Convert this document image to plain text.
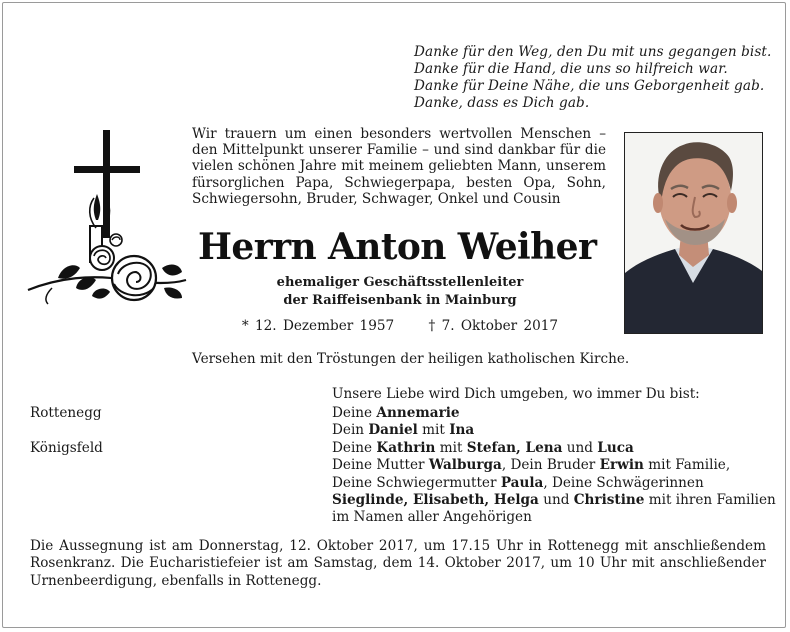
Danke für den Weg, den Du mit uns gegangen bist.
Danke für die Hand, die uns so hilfreich war.
Danke für Deine Nähe, die uns Geborgenheit gab.
Danke, dass es Dich gab.
Wir trauern um einen besonders wertvollen Menschen – den Mittelpunkt unserer Familie – und sind dankbar für die vielen schönen Jahre mit meinem geliebten Mann, unserem fürsorglichen Papa, Schwiegerpapa, besten Opa, Sohn, Schwiegersohn, Bruder, Schwager, Onkel und Cousin
Herrn Anton Weiher
ehemaliger Geschäftsstellenleiter
der Raiffeisenbank in Mainburg
* 12. Dezember 1957	† 7. Oktober 2017
Versehen mit den Tröstungen der heiligen katholischen Kirche.
Unsere Liebe wird Dich umgeben, wo immer Du bist:
Rottenegg
Königsfeld
Deine Annemarie
Dein Daniel mit Ina
Deine Kathrin mit Stefan, Lena und Luca
Deine Mutter Walburga, Dein Bruder Erwin mit Familie,
Deine Schwiegermutter Paula, Deine Schwägerinnen
Sieglinde, Elisabeth, Helga und Christine mit ihren Familien
im Namen aller Angehörigen
Die Aussegnung ist am Donnerstag, 12. Oktober 2017, um 17.15 Uhr in Rottenegg mit anschließendem Rosenkranz. Die Eucharistiefeier ist am Samstag, dem 14. Oktober 2017, um 10 Uhr mit anschließender Urnenbeerdigung, ebenfalls in Rottenegg.
